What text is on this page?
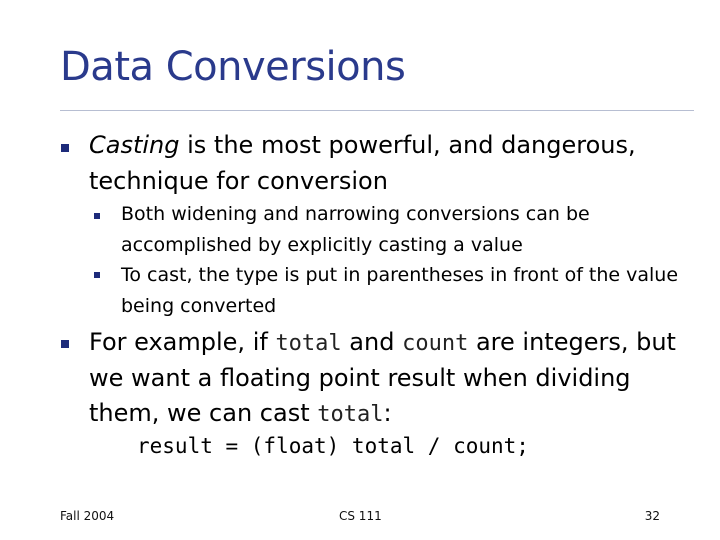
Data Conversions
Casting is the most powerful, and dangerous, technique for conversion
Both widening and narrowing conversions can be accomplished by explicitly casting a value
To cast, the type is put in parentheses in front of the value being converted
For example, if total and count are integers, but we want a floating point result when dividing them, we can cast total:
result = (float) total / count;
Fall 2004	CS 111	32
